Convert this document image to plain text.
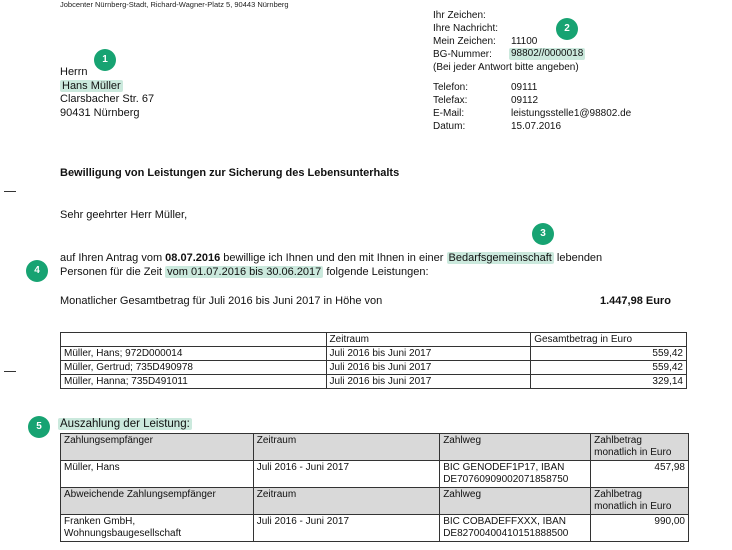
Jobcenter Nürnberg-Stadt, Richard-Wagner-Platz 5, 90443 Nürnberg
Herrn
Hans Müller
Clarsbacher Str. 67
90431 Nürnberg
Ihr Zeichen:
Ihre Nachricht:
Mein Zeichen: 11100
BG-Nummer: 98802//0000018
(Bei jeder Antwort bitte angeben)
Telefon:	09111
Telefax:	09112
E-Mail:	leistungsstelle1@98802.de
Datum:	15.07.2016
1
2
3
4
5
Bewilligung von Leistungen zur Sicherung des Lebensunterhalts
Sehr geehrter Herr Müller,
auf Ihren Antrag vom 08.07.2016 bewillige ich Ihnen und den mit Ihnen in einer Bedarfsgemeinschaft lebenden
Personen für die Zeit vom 01.07.2016 bis 30.06.2017 folgende Leistungen:
Monatlicher Gesamtbetrag für Juli 2016 bis Juni 2017 in Höhe von	1.447,98 Euro
	Zeitraum	Gesamtbetrag in Euro
Müller, Hans; 972D000014	Juli 2016 bis Juni 2017	559,42
Müller, Gertrud; 735D490978	Juli 2016 bis Juni 2017	559,42
Müller, Hanna; 735D491011	Juli 2016 bis Juni 2017	329,14
Auszahlung der Leistung:
Zahlungsempfänger	Zeitraum	Zahlweg	Zahlbetrag monatlich in Euro
Müller, Hans	Juli 2016 - Juni 2017	BIC GENODEF1P17, IBAN DE70760909002071858750	457,98
Abweichende Zahlungsempfänger	Zeitraum	Zahlweg	Zahlbetrag monatlich in Euro
Franken GmbH, Wohnungsbaugesellschaft	Juli 2016 - Juni 2017	BIC COBADEFFXXX, IBAN DE82700400410151888500	990,00
